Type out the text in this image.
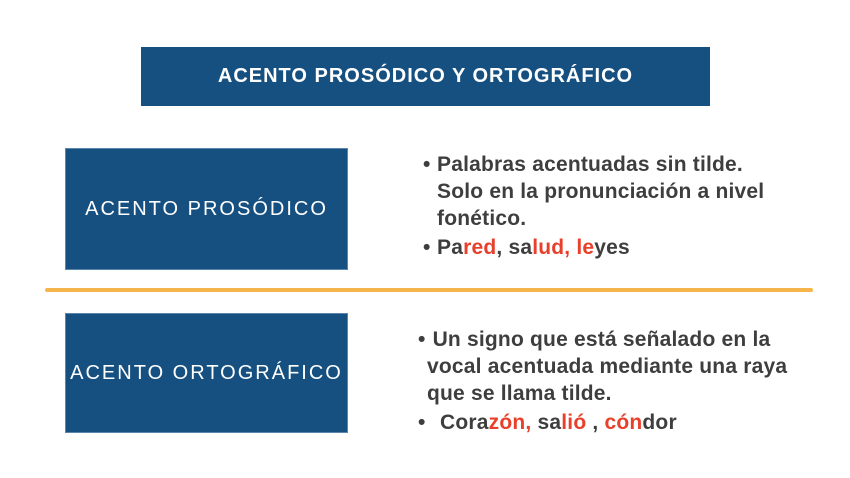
ACENTO PROSÓDICO Y ORTOGRÁFICO
ACENTO PROSÓDICO
• Palabras acentuadas sin tilde.
Solo en la pronunciación a nivel
fonético.
• Pared, salud, leyes
ACENTO ORTOGRÁFICO
• Un signo que está señalado en la
vocal acentuada mediante una raya
que se llama tilde.
• Corazón, salió , cóndor
